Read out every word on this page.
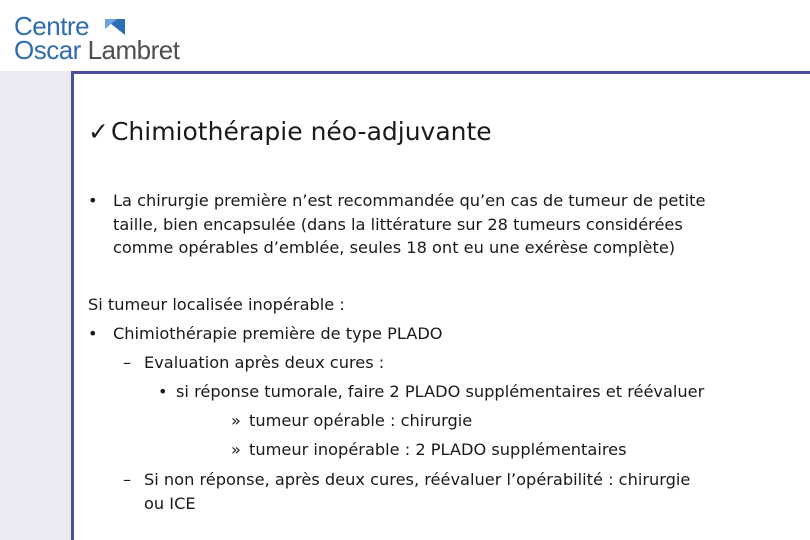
Centre
Oscar Lambret
✓Chimiothérapie néo-adjuvante
• La chirurgie première n’est recommandée qu’en cas de tumeur de petite
taille, bien encapsulée (dans la littérature sur 28 tumeurs considérées
comme opérables d’emblée, seules 18 ont eu une exérèse complète)
Si tumeur localisée inopérable :
• Chimiothérapie première de type PLADO
– Evaluation après deux cures :
• si réponse tumorale, faire 2 PLADO supplémentaires et réévaluer
» tumeur opérable : chirurgie
» tumeur inopérable : 2 PLADO supplémentaires
– Si non réponse, après deux cures, réévaluer l’opérabilité : chirurgie
ou ICE
